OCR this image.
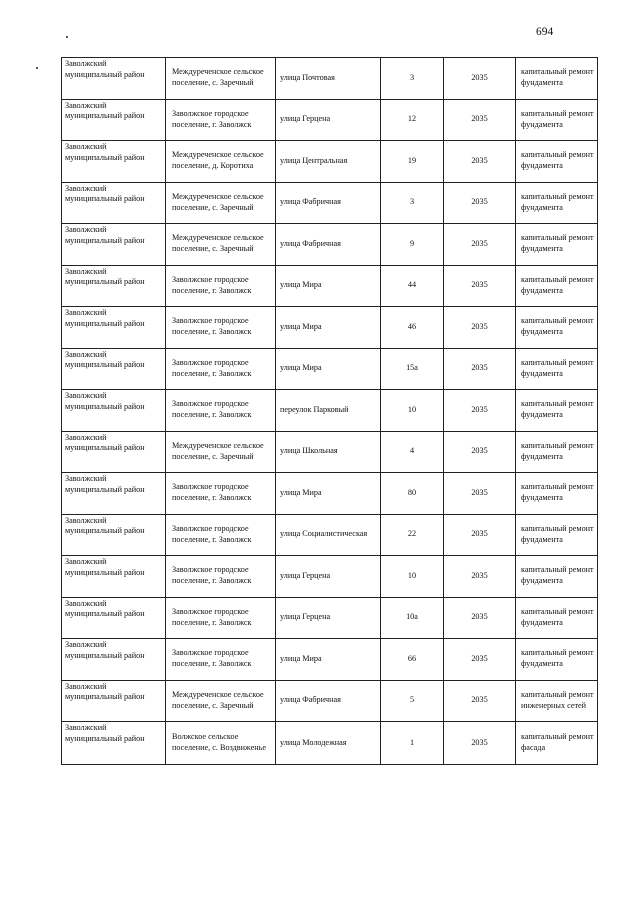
694
Заволжский муниципальный район	Междуреченское сельское поселение, с. Заречный	улица Почтовая	3	2035	капитальный ремонт фундамента
Заволжский муниципальный район	Заволжское городское поселение, г. Заволжск	улица Герцена	12	2035	капитальный ремонт фундамента
Заволжский муниципальный район	Междуреченское сельское поселение, д. Коротиха	улица Центральная	19	2035	капитальный ремонт фундамента
Заволжский муниципальный район	Междуреченское сельское поселение, с. Заречный	улица Фабричная	3	2035	капитальный ремонт фундамента
Заволжский муниципальный район	Междуреченское сельское поселение, с. Заречный	улица Фабричная	9	2035	капитальный ремонт фундамента
Заволжский муниципальный район	Заволжское городское поселение, г. Заволжск	улица Мира	44	2035	капитальный ремонт фундамента
Заволжский муниципальный район	Заволжское городское поселение, г. Заволжск	улица Мира	46	2035	капитальный ремонт фундамента
Заволжский муниципальный район	Заволжское городское поселение, г. Заволжск	улица Мира	15а	2035	капитальный ремонт фундамента
Заволжский муниципальный район	Заволжское городское поселение, г. Заволжск	переулок Парковый	10	2035	капитальный ремонт фундамента
Заволжский муниципальный район	Междуреченское сельское поселение, с. Заречный	улица Школьная	4	2035	капитальный ремонт фундамента
Заволжский муниципальный район	Заволжское городское поселение, г. Заволжск	улица Мира	80	2035	капитальный ремонт фундамента
Заволжский муниципальный район	Заволжское городское поселение, г. Заволжск	улица Социалистическая	22	2035	капитальный ремонт фундамента
Заволжский муниципальный район	Заволжское городское поселение, г. Заволжск	улица Герцена	10	2035	капитальный ремонт фундамента
Заволжский муниципальный район	Заволжское городское поселение, г. Заволжск	улица Герцена	10а	2035	капитальный ремонт фундамента
Заволжский муниципальный район	Заволжское городское поселение, г. Заволжск	улица Мира	66	2035	капитальный ремонт фундамента
Заволжский муниципальный район	Междуреченское сельское поселение, с. Заречный	улица Фабричная	5	2035	капитальный ремонт инженерных сетей
Заволжский муниципальный район	Волжское сельское поселение, с. Воздвиженье	улица Молодежная	1	2035	капитальный ремонт фасада
